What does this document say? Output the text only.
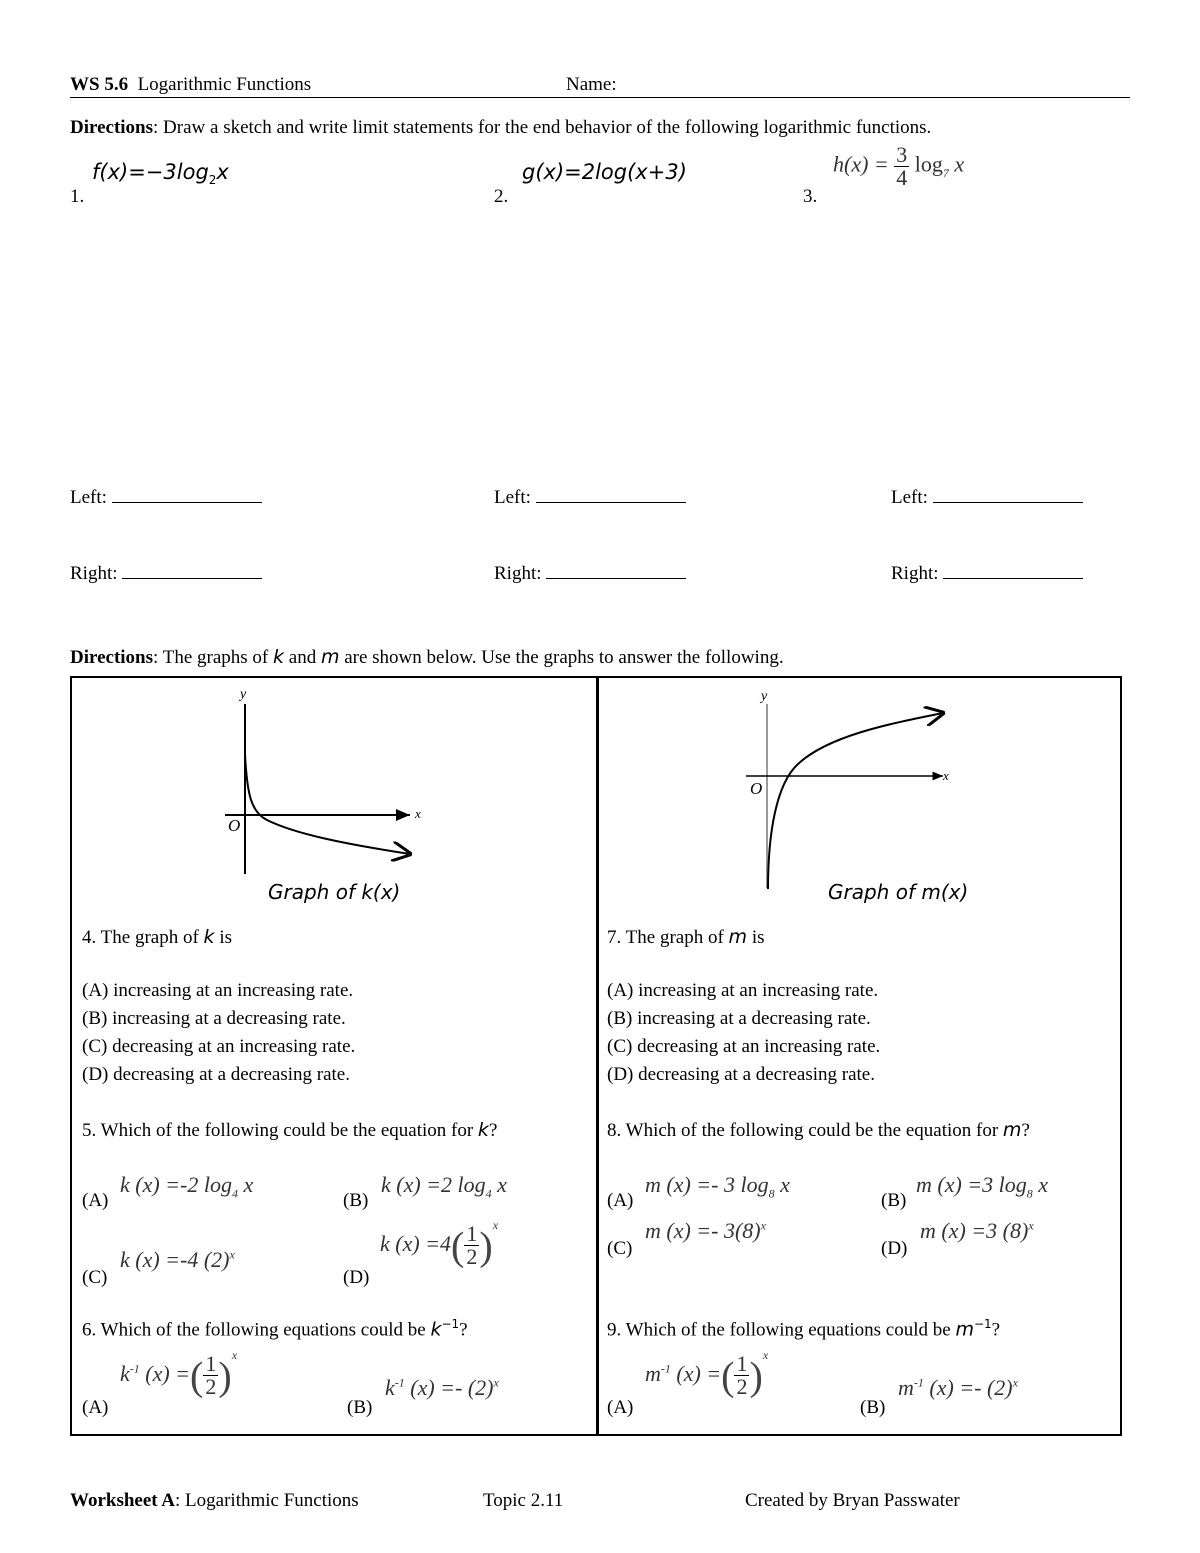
WS 5.6 Logarithmic Functions	Name:
Directions: Draw a sketch and write limit statements for the end behavior of the following logarithmic functions.
1.
$f(x)=-3\log_2x$
2.
g(x)=2log(x+3)
3.
$h(x) = \frac{3}{4} \log_7 x$
Left:	Left:	Left:
Right:	Right:	Right:
Directions: The graphs of k and m are shown below. Use the graphs to answer the following.
y
x
O
Graph of k(x)
y
x
O
Graph of m(x)
4. The graph of k is
(A) increasing at an increasing rate.
(B) increasing at a decreasing rate.
(C) decreasing at an increasing rate.
(D) decreasing at a decreasing rate.
7. The graph of m is
(A) increasing at an increasing rate.
(B) increasing at a decreasing rate.
(C) decreasing at an increasing rate.
(D) decreasing at a decreasing rate.
5. Which of the following could be the equation for k?
(A)
k (x) =-2 $\log_4 x$
(B)
k (x) =2 $\log_4 x$
(C)
k (x) =-4 $(2)^x$
(D)
k $(x) =4( \frac{1}{2} )^x$
8. Which of the following could be the equation for m?
(A)
m (x) =- 3 $\log_8 x$
(B)
m (x) =3 $\log_8 x$
(C)
m $(x) =- 3(8)^x$
(D)
m (x) =3 $(8)^x$
6. Which of the following equations could be $k^{-1}$?
(A)
$k^{-1}$ (x) =( $\frac{1}{2} )^x$
(B)
$k^{-1}$ $(x) =- (2)^x$
9. Which of the following equations could be $m^{-1}$?
(A)
$m^{-1}$ (x) =( $\frac{1}{2} )^x$
(B)
$m^{-1}$ $(x) =- (2)^x$
Worksheet A: Logarithmic Functions	Topic 2.11	Created by Bryan Passwater
